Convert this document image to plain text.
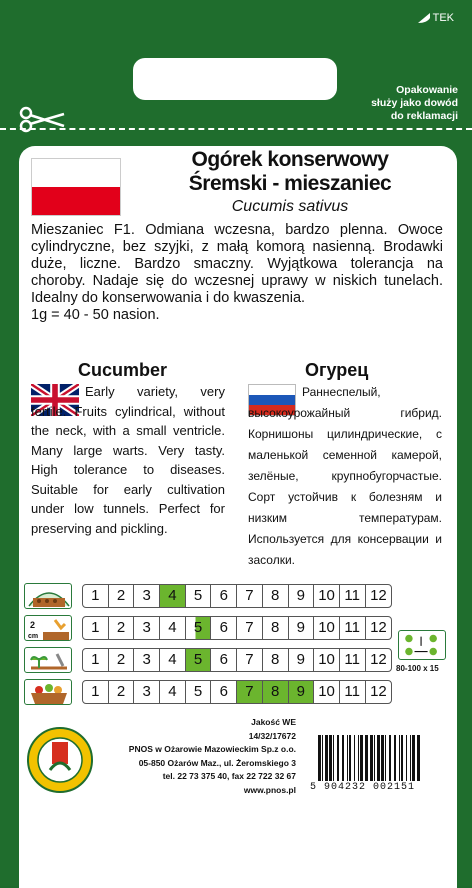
TEK
Opakowanie
służy jako dowód
do reklamacji
Ogórek konserwowy
Śremski - mieszaniec
Cucumis sativus
Mieszaniec F1. Odmiana wczesna, bardzo plenna. Owoce cylindryczne, bez szyjki, z małą komorą nasienną. Brodawki duże, liczne. Bardzo smaczny. Wyjątkowa tolerancja na choroby. Nadaje się do wczesnej uprawy w niskich tunelach. Idealny do konserwowania i do kwaszenia.
1g = 40 - 50 nasion.
Cucumber	Огурец
Early variety, very fertile. Fruits cylindrical, without the neck, with a small ventricle. Many large warts. Very tasty. High tolerance to diseases. Suitable for early cultivation under low tunnels. Perfect for preserving and pickling.
Раннеспелый, высокоурожайный гибрид. Корнишоны цилиндрические, с маленькой семенной камерой, зелёные, крупнобугорчастые. Сорт устойчив к болезням и низким температурам. Используется для консервации и засолки.
1	2	3	4	5	6	7	8	9 10 11 12
2
cm
1	2	3	4	5	6	7	8	9 10 11 12
1	2	3	4	5	6	7	8	9 10 11 12
1	2	3	4	5	6	7	8	9 10 11 12
80-100 x 15
Jakość WE
14/32/17672
PNOS w Ożarowie Mazowieckim Sp.z o.o.
05-850 Ożarów Maz., ul. Żeromskiego 3
tel. 22 73 375 40, fax 22 722 32 67
www.pnos.pl 5 904232 002151
